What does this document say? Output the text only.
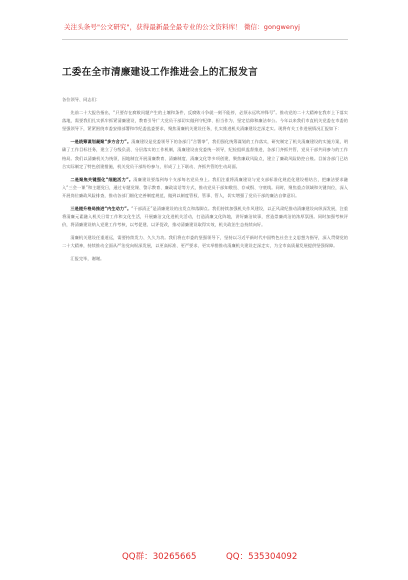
关注头条号"公文研究"，获得最新最全最专业的公文资料库！ 微信：gongwenyj
工委在全市清廉建设工作推进会上的汇报发言

各位领导、同志们：

先前二十大报告指出，“只要存在腐败问题产生的土壤和条件，反腐败斗争就一刻不能停，必须永远吹冲锋号”。推动党的二十大精神在我市上下落实落地，需要我们扎实抓牢抓紧清廉建设，教育引导广大党员干部切实做到守纪律、担当作为、坚定信仰和廉洁奉公。今年以来我们市直机关党委在市委的坚强领导下，紧紧围绕市委安排部署和市纪委监委要求，聚焦清廉机关建设任务，扎实推进机关清廉建设走深走实。现将有关工作进展情况汇报如下：

一是统筹谋划凝聚“多方合力”。清廉建设是党委领导下的各部门“合署拳”，我们强化统筹谋划的工作落实，研究制定了机关清廉建设的实施方案，明确了工作目标任务，建立了分级负责、分层落实的工作机制，清廉建设由党委统一领导，纪检组织监督推进，各部门齐抓共管，党员干部共同参与的工作格局。我们以清廉机关为统领，因地制宜开展清廉教育、清廉制度、清廉文化等多项创建，聚焦廉政风险点，建立了廉政风险防控台账。目前各部门已结合实际制定了特色创建措施，机关党员干部纷纷参与，形成了上下联动、齐抓共管的生动局面。

二是聚焦关键强化“细胞活力”。清廉建设要落到每个支部每名党员身上。我们注重将清廉建设与党支部标准化规范化建设相结合，把廉洁要求融入“三会一课”和主题党日，通过专题党课、警示教育、廉政谈话等方式，推动党员干部知敬畏、存戒惧、守底线。同时，聚焦重点领域和关键岗位，深入开展岗位廉政风险排查，推动各部门细化完善制度规范，做到以制度管权、管事、管人，切实增强了党员干部的廉洁自律意识。

三是提升格局推进“内生动力”。“干部清正”是清廉建设的出发点和落脚点。我们持续加强机关作风建设，以正风肃纪推动清廉建设向纵深发展，注重将清廉元素融入机关日常工作和文化生活，开展廉洁文化进机关活动，打造清廉文化阵地，讲好廉洁故事，营造崇廉尚洁的浓厚氛围。同时加强考核评价，将清廉建设纳入党建工作考核，以考促建、以评促改，推动清廉建设取得实效，机关政治生态持续向好。

清廉机关建设任重道远，需要持续发力、久久为功。我们将在市委的坚强领导下，坚持以习近平新时代中国特色社会主义思想为指导，深入贯彻党的二十大精神，持续推动全面从严治党向纵深发展，以更高标准、更严要求、更实举措推动清廉机关建设走深走实，为全市高质量发展提供坚强保障。

汇报完毕，谢谢。

QQ群：30265665	QQ：535304092
